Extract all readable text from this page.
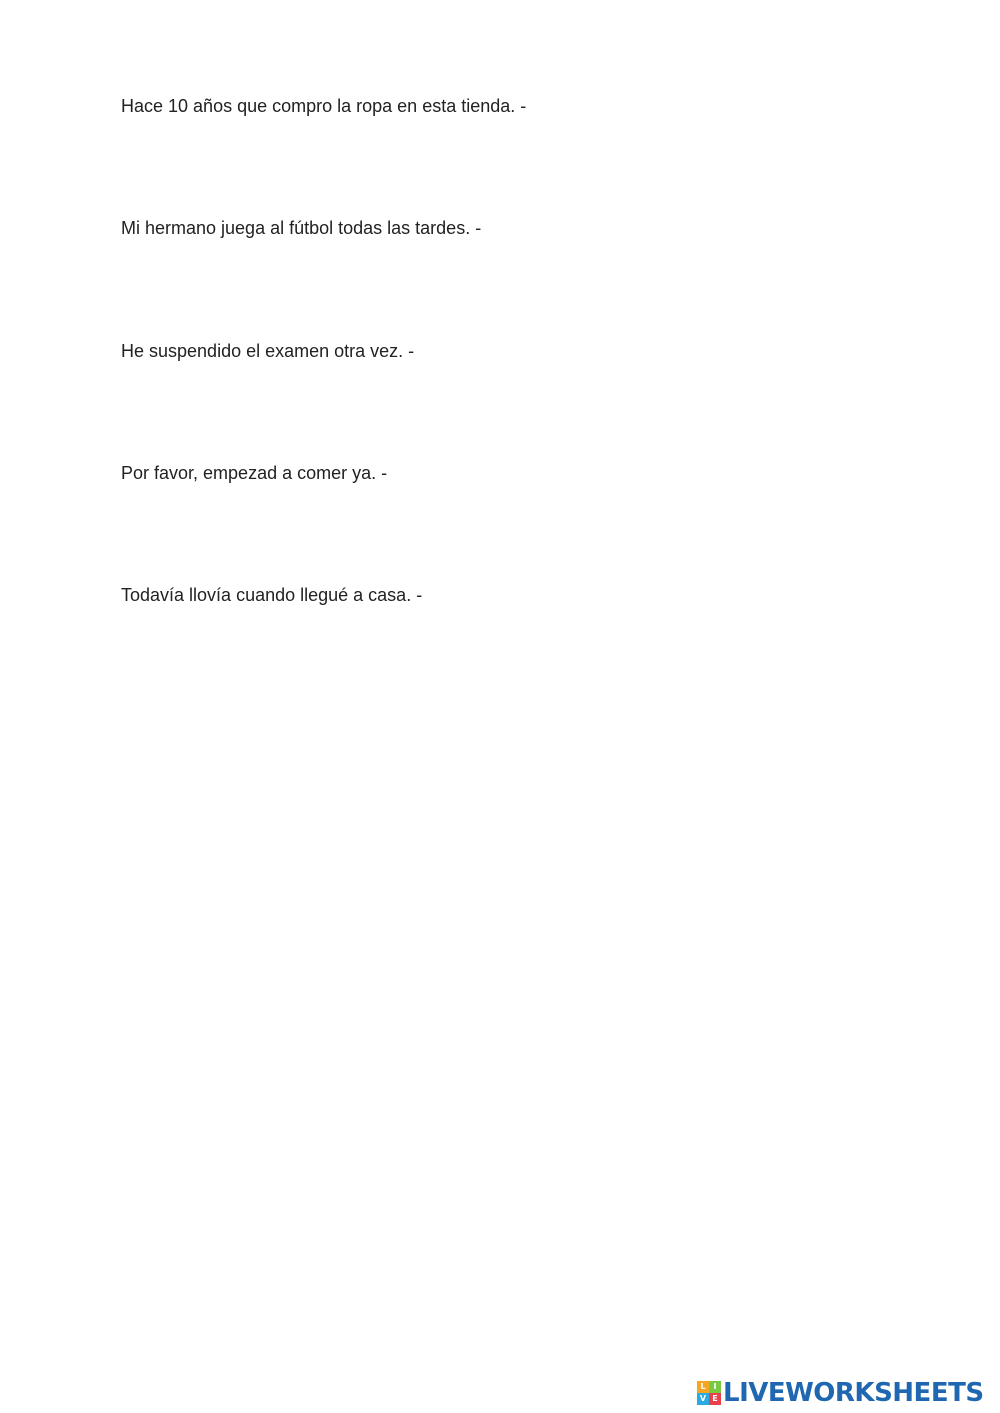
Hace 10 años que compro la ropa en esta tienda. -
Mi hermano juega al fútbol todas las tardes. -
He suspendido el examen otra vez. -
Por favor, empezad a comer ya. -
Todavía llovía cuando llegué a casa. -
L I
V E LIVEWORKSHEETS
